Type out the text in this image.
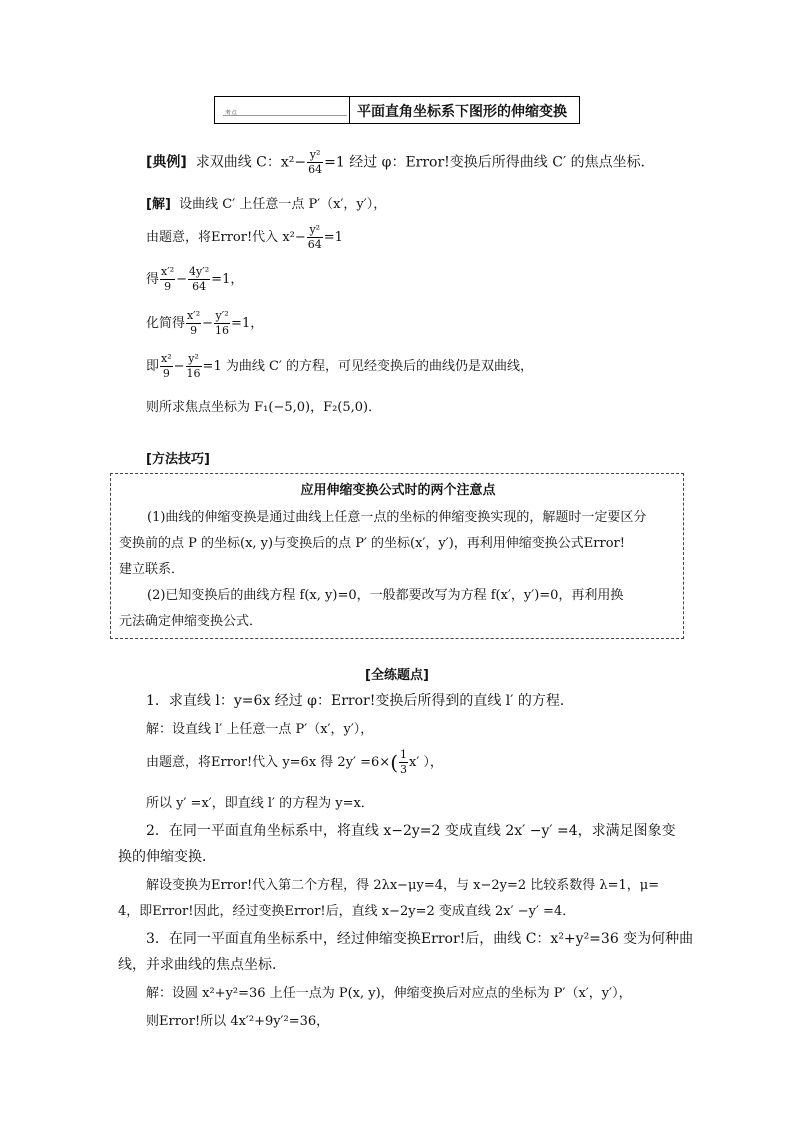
考点	平面直角坐标系下图形的伸缩变换
[典例] 求双曲线 C：$x^2- \frac{\text{y²}}{64} =1$ 经过 φ：Error!变换后所得曲线 C′ 的焦点坐标．
[解] 设曲线 C′ 上任意一点 P′（x′，y′），
由题意，将Error!代入 $x^2- \frac{\text{y²}}{64} =1$
得 $\frac{\text{x′²}}{9} - \frac{\text{4y′²}}{64} =1$，
化简得 $\frac{\text{x′²}}{9} - \frac{\text{y′²}}{16} =1$，
即 $\frac{\text{x²}}{9} - \frac{\text{y²}}{16} =1$ 为曲线 C′ 的方程，可见经变换后的曲线仍是双曲线，
则所求焦点坐标为 F₁(−5,0)，F₂(5,0)．
[方法技巧]
应用伸缩变换公式时的两个注意点
(1)曲线的伸缩变换是通过曲线上任意一点的坐标的伸缩变换实现的，解题时一定要区分
变换前的点 P 的坐标(x, y)与变换后的点 P′ 的坐标(x′，y′)，再利用伸缩变换公式Error!
建立联系．
(2)已知变换后的曲线方程 f(x, y)=0，一般都要改写为方程 f(x′，y′)=0，再利用换
元法确定伸缩变换公式．
[全练题点]
1．求直线 l：y=6x 经过 φ：Error!变换后所得到的直线 l′ 的方程．
解：设直线 l′ 上任意一点 P′（x′，y′），
由题意，将Error!代入 y=6x 得 $2y' =6\times( \frac{1}{3} x'$ ），
所以 y′ =x′，即直线 l′ 的方程为 y=x．
2．在同一平面直角坐标系中，将直线 x−2y=2 变成直线 2x′ −y′ =4，求满足图象变
换的伸缩变换．
解设变换为Error!代入第二个方程，得 2λx−μy=4，与 x−2y=2 比较系数得 λ=1，μ=
4，即Error!因此，经过变换Error!后，直线 x−2y=2 变成直线 2x′ −y′ =4．
3．在同一平面直角坐标系中，经过伸缩变换Error!后，曲线 C：x²+y²=36 变为何种曲
线，并求曲线的焦点坐标．
解：设圆 x²+y²=36 上任一点为 P(x, y)，伸缩变换后对应点的坐标为 P′（x′，y′），
则Error!所以 4x′²+9y′²=36，
